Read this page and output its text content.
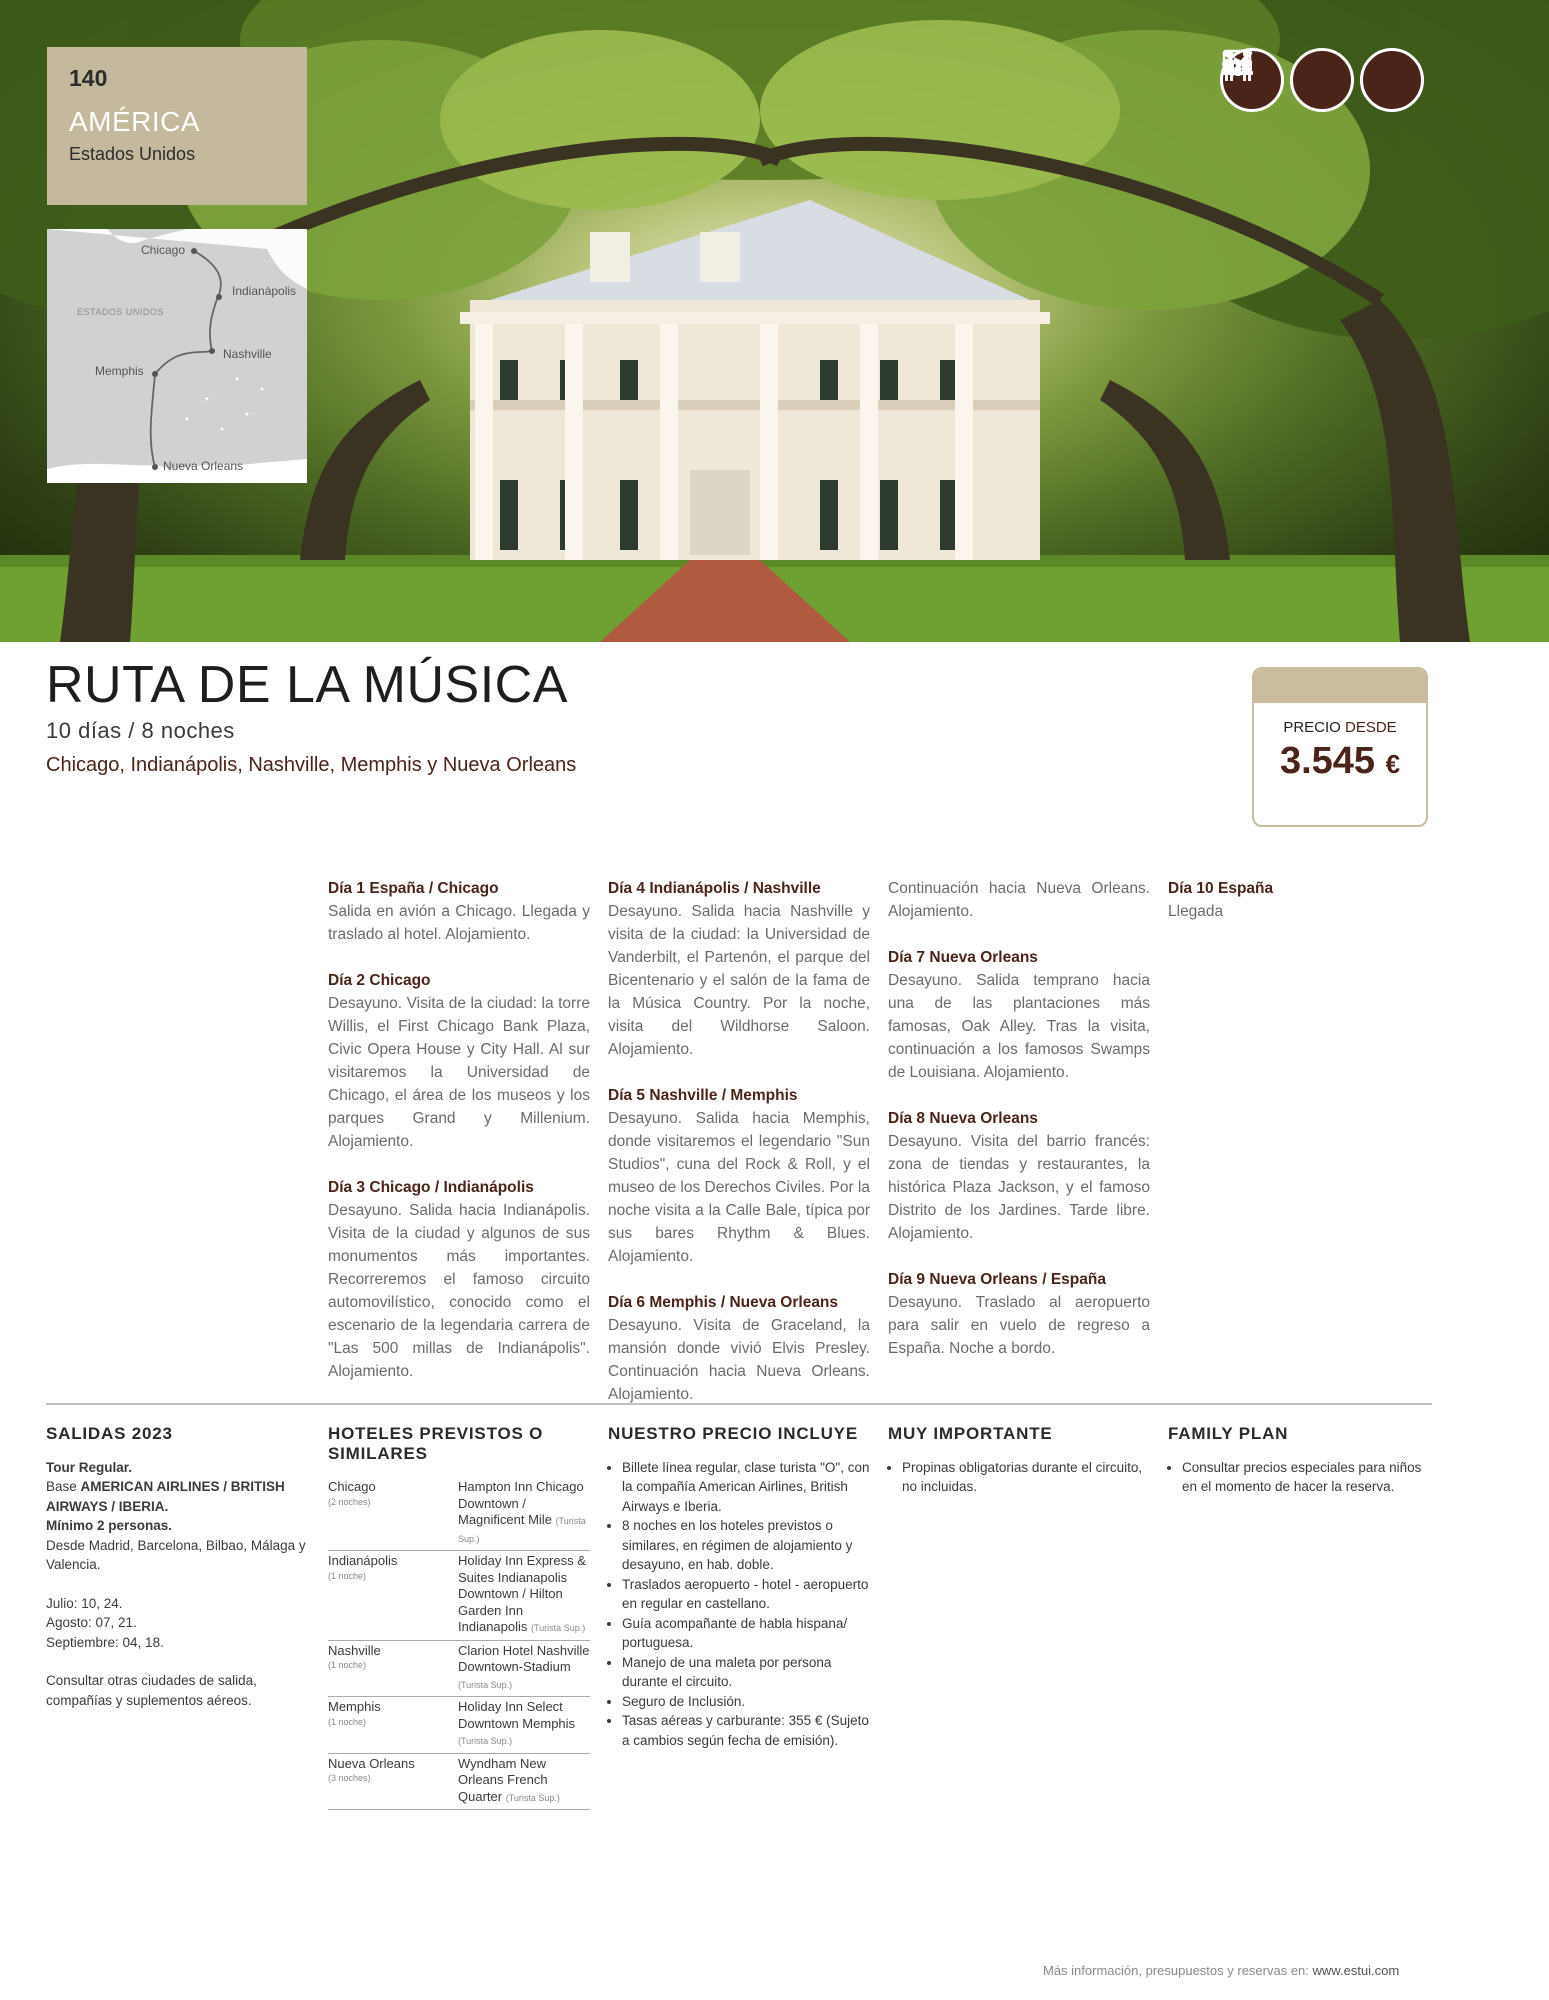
140
AMÉRICA
Estados Unidos
ESTADOS UNIDOS
Chicago
Indianápolis
Nashville
Memphis
Nueva Orleans
RUTA DE LA MÚSICA
10 días / 8 noches
Chicago, Indianápolis, Nashville, Memphis y Nueva Orleans
PRECIO DESDE
3.545 €
Día 1 España / Chicago
Salida en avión a Chicago. Llegada y traslado al hotel. Alojamiento.
Día 2 Chicago
Desayuno. Visita de la ciudad: la torre Willis, el First Chicago Bank Plaza, Civic Opera House y City Hall. Al sur visitaremos la Universidad de Chicago, el área de los museos y los parques Grand y Millenium. Alojamiento.
Día 3 Chicago / Indianápolis
Desayuno. Salida hacia Indianápolis. Visita de la ciudad y algunos de sus monumentos más importantes. Recorreremos el famoso circuito automovilístico, conocido como el escenario de la legendaria carrera de "Las 500 millas de Indianápolis". Alojamiento.
Día 4 Indianápolis / Nashville
Desayuno. Salida hacia Nashville y visita de la ciudad: la Universidad de Vanderbilt, el Partenón, el parque del Bicentenario y el salón de la fama de la Música Country. Por la noche, visita del Wildhorse Saloon. Alojamiento.
Día 5 Nashville / Memphis
Desayuno. Salida hacia Memphis, donde visitaremos el legendario "Sun Studios", cuna del Rock & Roll, y el museo de los Derechos Civiles. Por la noche visita a la Calle Bale, típica por sus bares Rhythm & Blues. Alojamiento.
Día 6 Memphis / Nueva Orleans
Desayuno. Visita de Graceland, la mansión donde vivió Elvis Presley. Continuación hacia Nueva Orleans. Alojamiento.
Continuación hacia Nueva Orleans. Alojamiento.
Día 7 Nueva Orleans
Desayuno. Salida temprano hacia una de las plantaciones más famosas, Oak Alley. Tras la visita, continuación a los famosos Swamps de Louisiana. Alojamiento.
Día 8 Nueva Orleans
Desayuno. Visita del barrio francés: zona de tiendas y restaurantes, la histórica Plaza Jackson, y el famoso Distrito de los Jardines. Tarde libre. Alojamiento.
Día 9 Nueva Orleans / España
Desayuno. Traslado al aeropuerto para salir en vuelo de regreso a España. Noche a bordo.
Día 10 España
Llegada
SALIDAS 2023

Tour Regular.

Base AMERICAN AIRLINES / BRITISH AIRWAYS / IBERIA.

Mínimo 2 personas.

Desde Madrid, Barcelona, Bilbao, Málaga y Valencia.

Julio: 10, 24.

Agosto: 07, 21.

Septiembre: 04, 18.

Consultar otras ciudades de salida, compañías y suplementos aéreos.

HOTELES PREVISTOS O SIMILARES
Chicago
(2 noches)	Hampton Inn Chicago Downtown / Magnificent Mile (Turista Sup.)
Indianápolis
(1 noche)	Holiday Inn Express & Suites Indianapolis Downtown / Hilton Garden Inn Indianapolis (Turista Sup.)
Nashville
(1 noche)	Clarion Hotel Nashville Downtown-Stadium (Turista Sup.)
Memphis
(1 noche)	Holiday Inn Select Downtown Memphis (Turista Sup.)
Nueva Orleans
(3 noches)	Wyndham New Orleans French Quarter (Turista Sup.)
NUESTRO PRECIO INCLUYE
• Billete línea regular, clase turista "O", con la compañía American Airlines, British Airways e Iberia.
• 8 noches en los hoteles previstos o similares, en régimen de alojamiento y desayuno, en hab. doble.
• Traslados aeropuerto - hotel - aeropuerto en regular en castellano.
• Guía acompañante de habla hispana/ portuguesa.
• Manejo de una maleta por persona durante el circuito.
• Seguro de Inclusión.
• Tasas aéreas y carburante: 355 € (Sujeto a cambios según fecha de emisión).
MUY IMPORTANTE
• Propinas obligatorias durante el circuito, no incluidas.
FAMILY PLAN
• Consultar precios especiales para niños en el momento de hacer la reserva.
Más información, presupuestos y reservas en: www.estui.com
